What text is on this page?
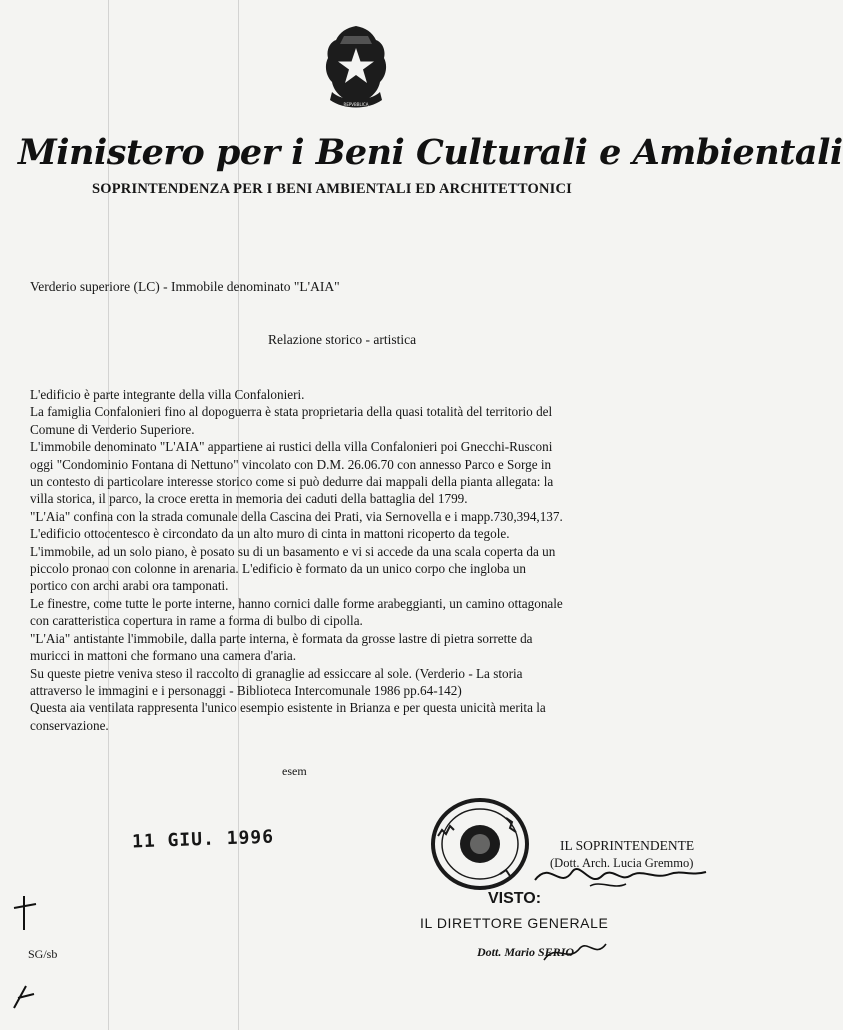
REPVBBLICA
Ministero per i Beni Culturali e Ambientali
SOPRINTENDENZA PER I BENI AMBIENTALI ED ARCHITETTONICI
Verderio superiore (LC) - Immobile denominato "L'AIA"
Relazione storico - artistica
L'edificio è parte integrante della villa Confalonieri.
La famiglia Confalonieri fino al dopoguerra è stata proprietaria della quasi totalità del territorio del
Comune di Verderio Superiore.
L'immobile denominato "L'AIA" appartiene ai rustici della villa Confalonieri poi Gnecchi-Rusconi
oggi "Condominio Fontana di Nettuno" vincolato con D.M. 26.06.70 con annesso Parco e Sorge in
un contesto di particolare interesse storico come si può dedurre dai mappali della pianta allegata: la
villa storica, il parco, la croce eretta in memoria dei caduti della battaglia del 1799.
"L'Aia" confina con la strada comunale della Cascina dei Prati, via Sernovella e i mapp.730,394,137.
L'edificio ottocentesco è circondato da un alto muro di cinta in mattoni ricoperto da tegole.
L'immobile, ad un solo piano, è posato su di un basamento e vi si accede da una scala coperta da un
piccolo pronao con colonne in arenaria. L'edificio è formato da un unico corpo che ingloba un
portico con archi arabi ora tamponati.
Le finestre, come tutte le porte interne, hanno cornici dalle forme arabeggianti, un camino ottagonale
con caratteristica copertura in rame a forma di bulbo di cipolla.
"L'Aia" antistante l'immobile, dalla parte interna, è formata da grosse lastre di pietra sorrette da
muricci in mattoni che formano una camera d'aria.
Su queste pietre veniva steso il raccolto di granaglie ad essiccare al sole. (Verderio - La storia
attraverso le immagini e i personaggi - Biblioteca Intercomunale 1986 pp.64-142)
Questa aia ventilata rappresenta l'unico esempio esistente in Brianza e per questa unicità merita la
conservazione.
esem
11 GIU. 1996	IL SOPRINTENDENTE
(Dott. Arch. Lucia Gremmo)
VISTO:
IL DIRETTORE GENERALE
Dott. Mario SERIO
SG/sb
